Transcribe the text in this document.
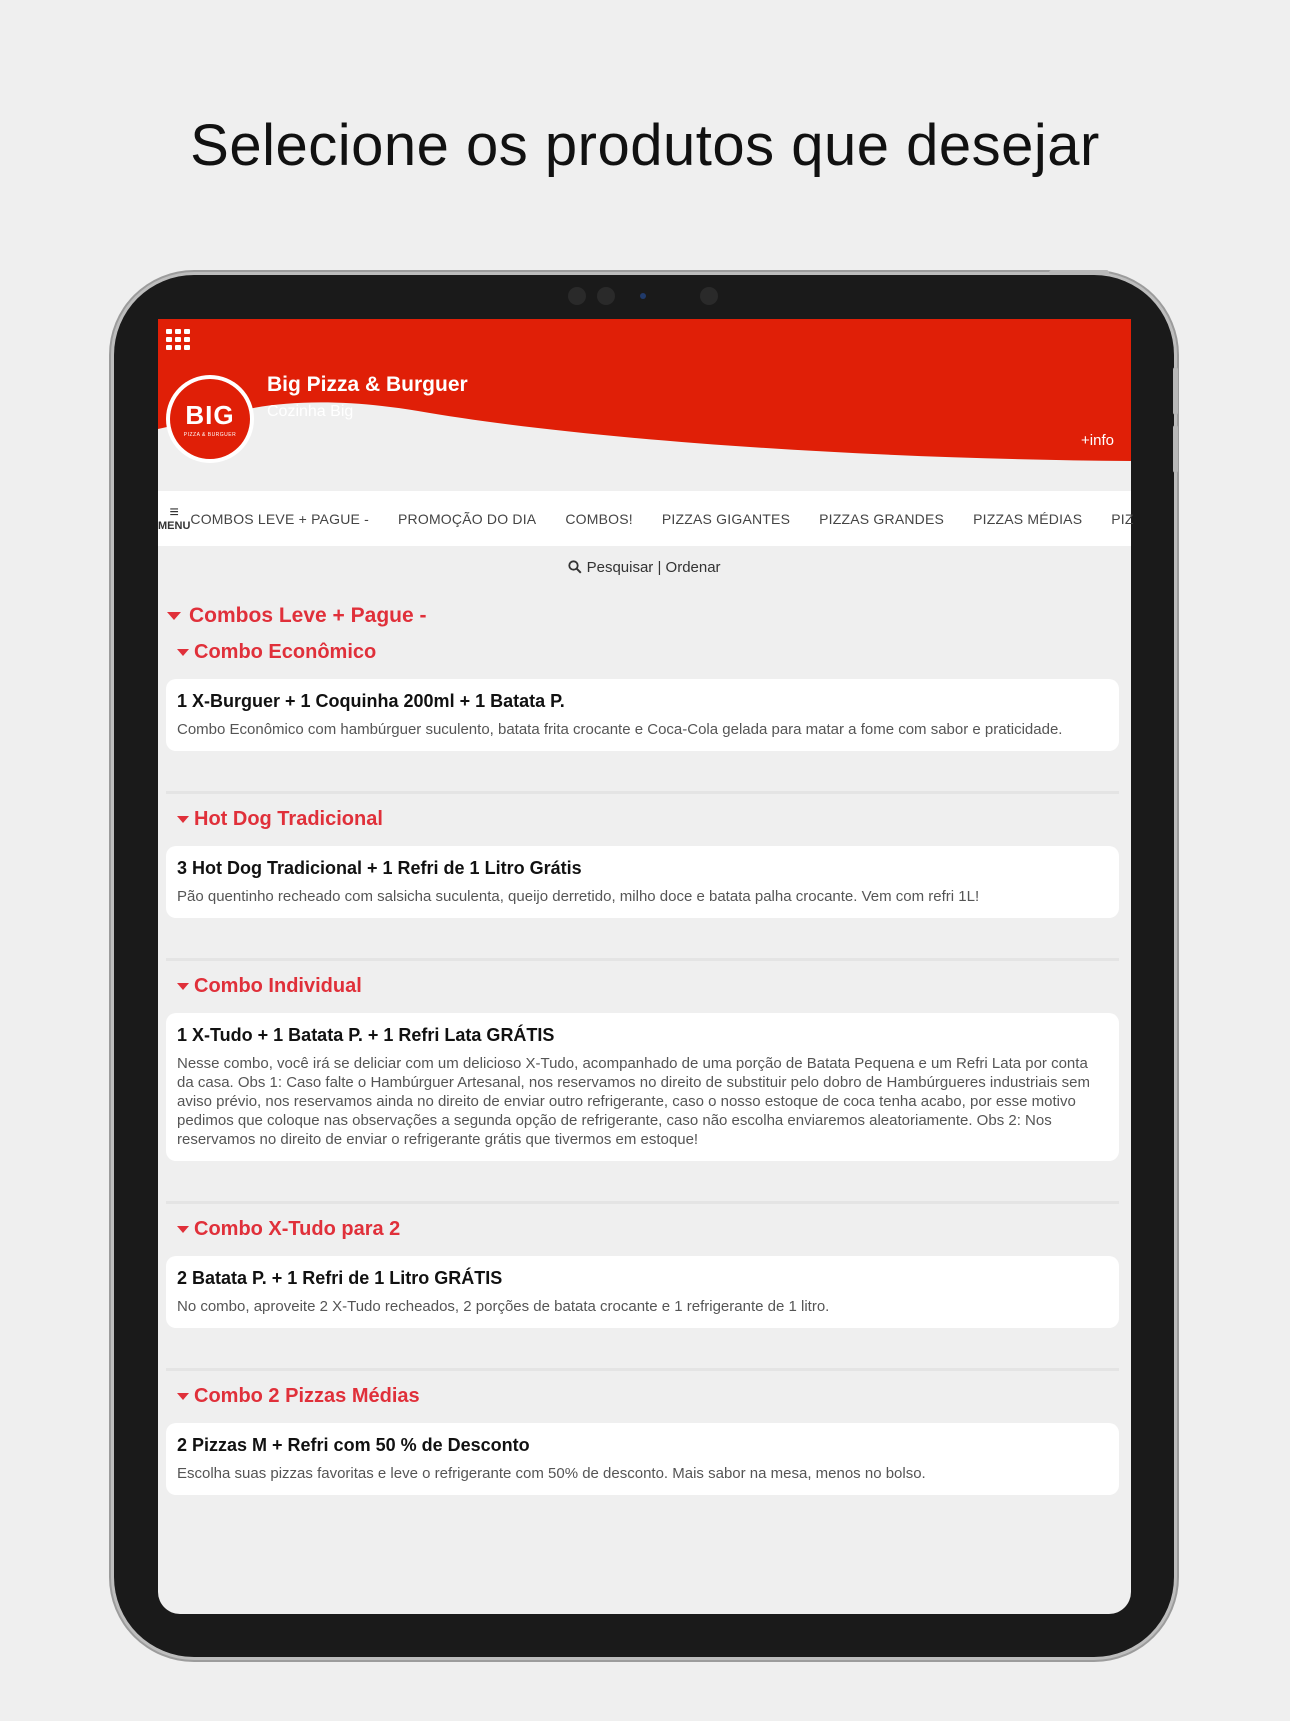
Selecione os produtos que desejar
BIG
PIZZA & BURGUER
Big Pizza & Burguer
Cozinha Big
+info
≡
MENU COMBOS LEVE + PAGUE - PROMOÇÃO DO DIA COMBOS! PIZZAS GIGANTES PIZZAS GRANDES PIZZAS MÉDIAS PIZ
Pesquisar | Ordenar
Combos Leve + Pague -
Combo Econômico
1 X-Burguer + 1 Coquinha 200ml + 1 Batata P.
Combo Econômico com hambúrguer suculento, batata frita crocante e Coca-Cola gelada para matar a fome com sabor e praticidade.
Hot Dog Tradicional
3 Hot Dog Tradicional + 1 Refri de 1 Litro Grátis
Pão quentinho recheado com salsicha suculenta, queijo derretido, milho doce e batata palha crocante. Vem com refri 1L!
Combo Individual
1 X-Tudo + 1 Batata P. + 1 Refri Lata GRÁTIS
Nesse combo, você irá se deliciar com um delicioso X-Tudo, acompanhado de uma porção de Batata Pequena e um Refri Lata por conta da casa. Obs 1: Caso falte o Hambúrguer Artesanal, nos reservamos no direito de substituir pelo dobro de Hambúrgueres industriais sem aviso prévio, nos reservamos ainda no direito de enviar outro refrigerante, caso o nosso estoque de coca tenha acabo, por esse motivo pedimos que coloque nas observações a segunda opção de refrigerante, caso não escolha enviaremos aleatoriamente. Obs 2: Nos reservamos no direito de enviar o refrigerante grátis que tivermos em estoque!
Combo X-Tudo para 2
2 Batata P. + 1 Refri de 1 Litro GRÁTIS
No combo, aproveite 2 X-Tudo recheados, 2 porções de batata crocante e 1 refrigerante de 1 litro.
Combo 2 Pizzas Médias
2 Pizzas M + Refri com 50 % de Desconto
Escolha suas pizzas favoritas e leve o refrigerante com 50% de desconto. Mais sabor na mesa, menos no bolso.
